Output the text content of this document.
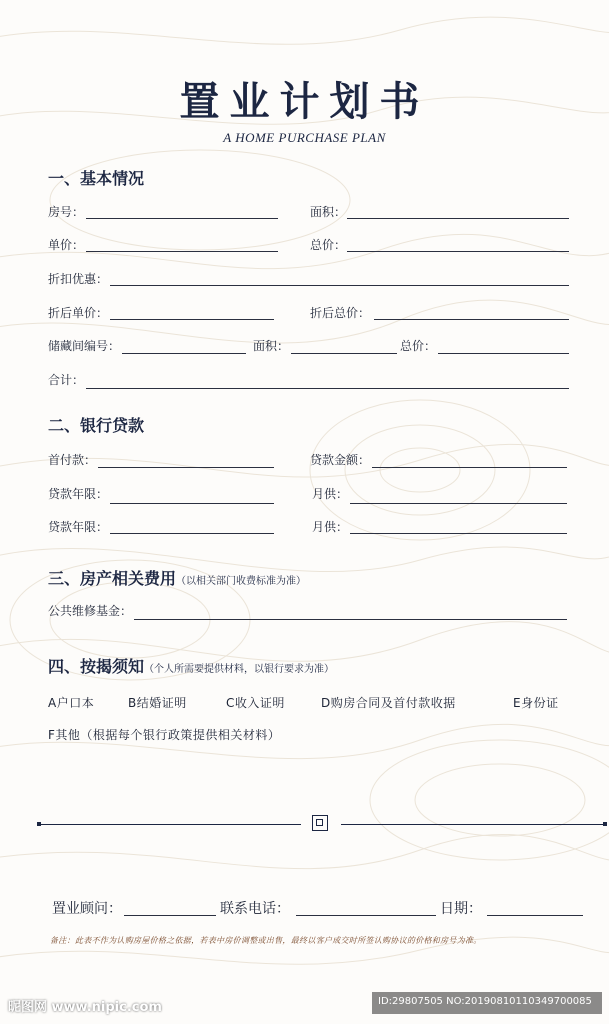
置业计划书
A HOME PURCHASE PLAN
一、基本情况
房号：	面积：
单价：	总价：
折扣优惠：
折后单价：	折后总价：
储藏间编号：	面积：	总价：
合计：
二、银行贷款
首付款：	贷款金额：
贷款年限：	月供：
贷款年限：	月供：
三、房产相关费用（以相关部门收费标准为准）
公共维修基金：
四、按揭须知（个人所需要提供材料，以银行要求为准）
A户口本	B结婚证明	C收入证明	D购房合同及首付款收据	E身份证
F其他（根据每个银行政策提供相关材料）
置业顾问：	联系电话：	日期：
备注：此表不作为认购房屋价格之依据，若表中房价调整或出售，最终以客户成交时所签认购协议的价格和房号为准。
昵图网 www.nipic.com	ID:29807505 NO:20190810110349700085
